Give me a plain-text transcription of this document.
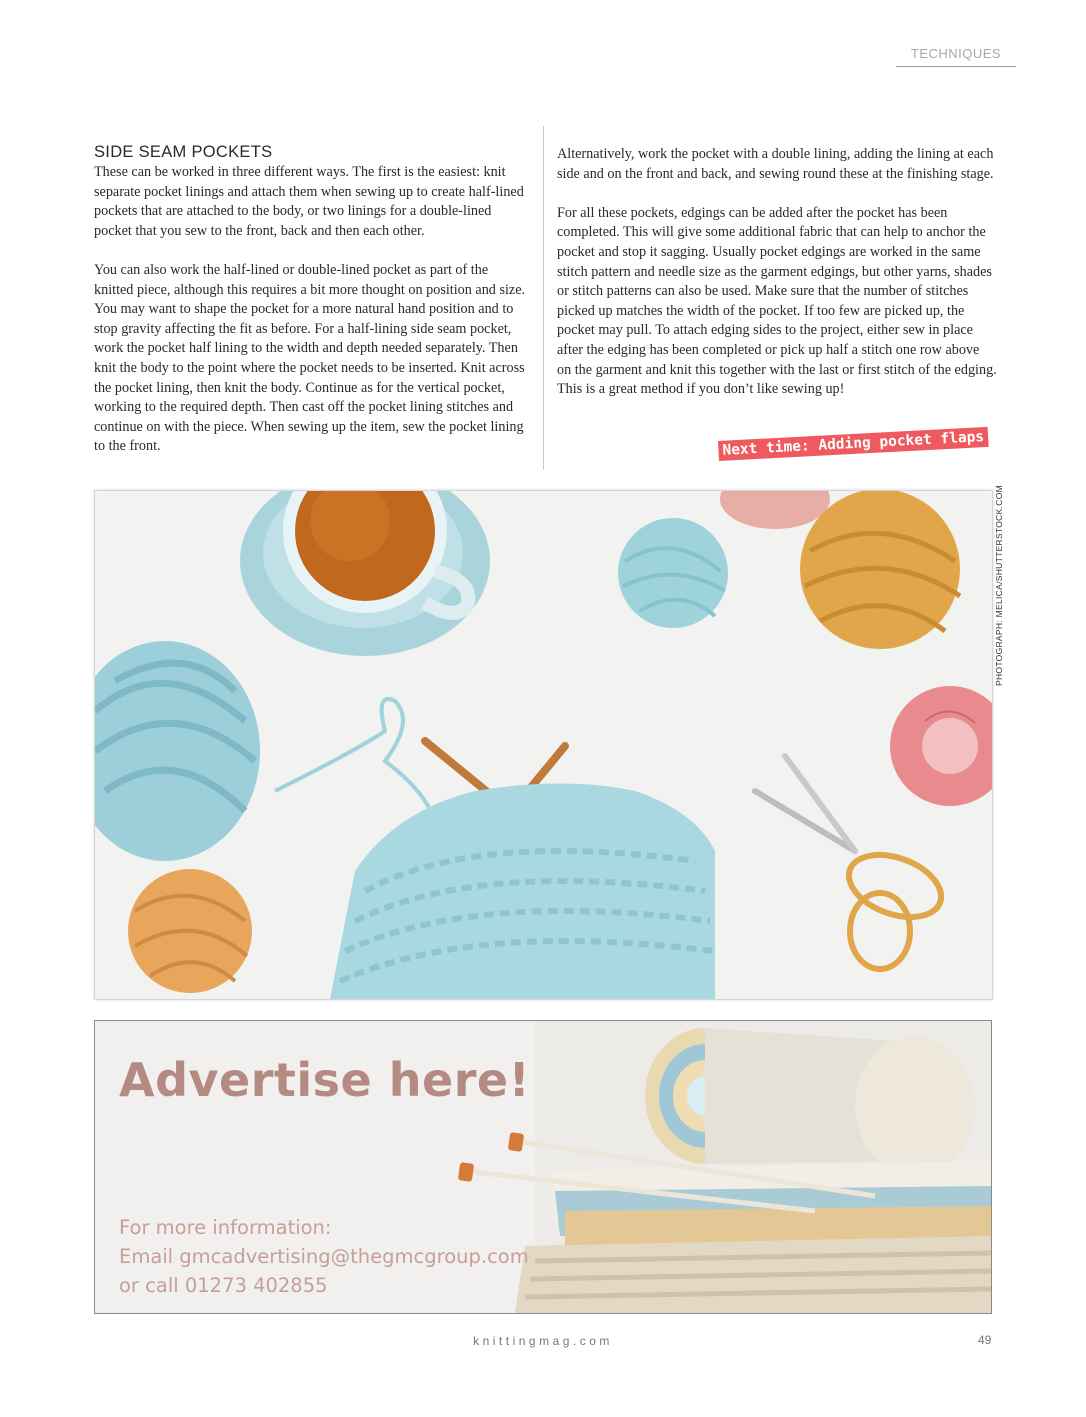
TECHNIQUES
SIDE SEAM POCKETS

These can be worked in three different ways. The first is the easiest: knit separate pocket linings and attach them when sewing up to create half-lined pockets that are attached to the body, or two linings for a double-lined pocket that you sew to the front, back and then each other.

You can also work the half-lined or double-lined pocket as part of the knitted piece, although this requires a bit more thought on position and size. You may want to shape the pocket for a more natural hand position and to stop gravity affecting the fit as before. For a half-lining side seam pocket, work the pocket half lining to the width and depth needed separately. Then knit the body to the point where the pocket needs to be inserted. Knit across the pocket lining, then knit the body. Continue as for the vertical pocket, working to the required depth. Then cast off the pocket lining stitches and continue on with the piece. When sewing up the item, sew the pocket lining to the front.

Alternatively, work the pocket with a double lining, adding the lining at each side and on the front and back, and sewing round these at the finishing stage.

For all these pockets, edgings can be added after the pocket has been completed. This will give some additional fabric that can help to anchor the pocket and stop it sagging. Usually pocket edgings are worked in the same stitch pattern and needle size as the garment edgings, but other yarns, shades or stitch patterns can also be used. Make sure that the number of stitches picked up matches the width of the pocket. If too few are picked up, the pocket may pull. To attach edging sides to the project, either sew in place after the edging has been completed or pick up half a stitch one row above on the garment and knit this together with the last or first stitch of the edging. This is a great method if you don’t like sewing up!

Next time: Adding pocket flaps
PHOTOGRAPH: MELICA/SHUTTERSTOCK.COM
Advertise here!
For more information:
Email gmcadvertising@thegmcgroup.com
or call 01273 402855
knittingmag.com	49
